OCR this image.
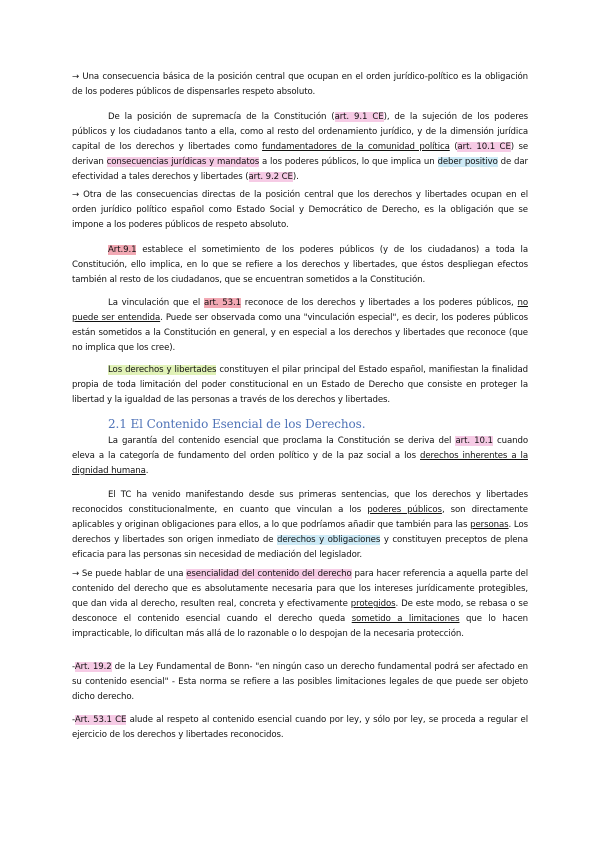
→ Una consecuencia básica de la posición central que ocupan en el orden jurídico-político es la obligación de los poderes públicos de dispensarles respeto absoluto.

De la posición de supremacía de la Constitución (art. 9.1 CE), de la sujeción de los poderes públicos y los ciudadanos tanto a ella, como al resto del ordenamiento jurídico, y de la dimensión jurídica capital de los derechos y libertades como fundamentadores de la comunidad política (art. 10.1 CE) se derivan consecuencias jurídicas y mandatos a los poderes públicos, lo que implica un deber positivo de dar efectividad a tales derechos y libertades (art. 9.2 CE).

→ Otra de las consecuencias directas de la posición central que los derechos y libertades ocupan en el orden jurídico político español como Estado Social y Democrático de Derecho, es la obligación que se impone a los poderes públicos de respeto absoluto.

Art.9.1 establece el sometimiento de los poderes públicos (y de los ciudadanos) a toda la Constitución, ello implica, en lo que se refiere a los derechos y libertades, que éstos despliegan efectos también al resto de los ciudadanos, que se encuentran sometidos a la Constitución.

La vinculación que el art. 53.1 reconoce de los derechos y libertades a los poderes públicos, no puede ser entendida. Puede ser observada como una "vinculación especial", es decir, los poderes públicos están sometidos a la Constitución en general, y en especial a los derechos y libertades que reconoce (que no implica que los cree).

Los derechos y libertades constituyen el pilar principal del Estado español, manifiestan la finalidad propia de toda limitación del poder constitucional en un Estado de Derecho que consiste en proteger la libertad y la igualdad de las personas a través de los derechos y libertades.

2.1 El Contenido Esencial de los Derechos.

La garantía del contenido esencial que proclama la Constitución se deriva del art. 10.1 cuando eleva a la categoría de fundamento del orden político y de la paz social a los derechos inherentes a la dignidad humana.

El TC ha venido manifestando desde sus primeras sentencias, que los derechos y libertades reconocidos constitucionalmente, en cuanto que vinculan a los poderes públicos, son directamente aplicables y originan obligaciones para ellos, a lo que podríamos añadir que también para las personas. Los derechos y libertades son origen inmediato de derechos y obligaciones y constituyen preceptos de plena eficacia para las personas sin necesidad de mediación del legislador.

→ Se puede hablar de una esencialidad del contenido del derecho para hacer referencia a aquella parte del contenido del derecho que es absolutamente necesaria para que los intereses jurídicamente protegibles, que dan vida al derecho, resulten real, concreta y efectivamente protegidos. De este modo, se rebasa o se desconoce el contenido esencial cuando el derecho queda sometido a limitaciones que lo hacen impracticable, lo dificultan más allá de lo razonable o lo despojan de la necesaria protección.

-Art. 19.2 de la Ley Fundamental de Bonn- "en ningún caso un derecho fundamental podrá ser afectado en su contenido esencial" - Esta norma se refiere a las posibles limitaciones legales de que puede ser objeto dicho derecho.

-Art. 53.1 CE alude al respeto al contenido esencial cuando por ley, y sólo por ley, se proceda a regular el ejercicio de los derechos y libertades reconocidos.
